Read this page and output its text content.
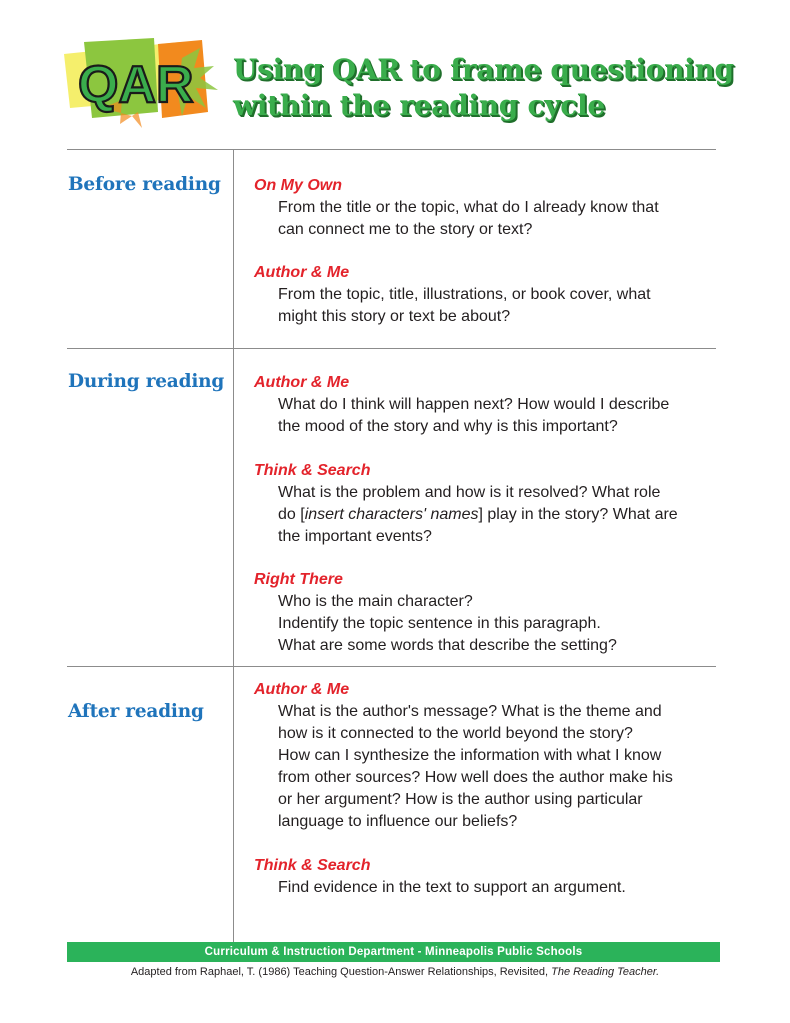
QAR Using QAR to frame questioning
within the reading cycle
Before reading On My Own
From the title or the topic, what do I already know that
can connect me to the story or text?
Author & Me
From the topic, title, illustrations, or book cover, what
might this story or text be about?
During reading Author & Me
What do I think will happen next? How would I describe
the mood of the story and why is this important?
Think & Search
What is the problem and how is it resolved? What role
do [insert characters' names] play in the story? What are
the important events?
Right There
Who is the main character?
Indentify the topic sentence in this paragraph.
What are some words that describe the setting?
After reading
Author & Me
What is the author's message? What is the theme and
how is it connected to the world beyond the story?
How can I synthesize the information with what I know
from other sources? How well does the author make his
or her argument? How is the author using particular
language to influence our beliefs?
Think & Search
Find evidence in the text to support an argument.
Curriculum & Instruction Department - Minneapolis Public Schools
Adapted from Raphael, T. (1986) Teaching Question-Answer Relationships, Revisited, The Reading Teacher.
